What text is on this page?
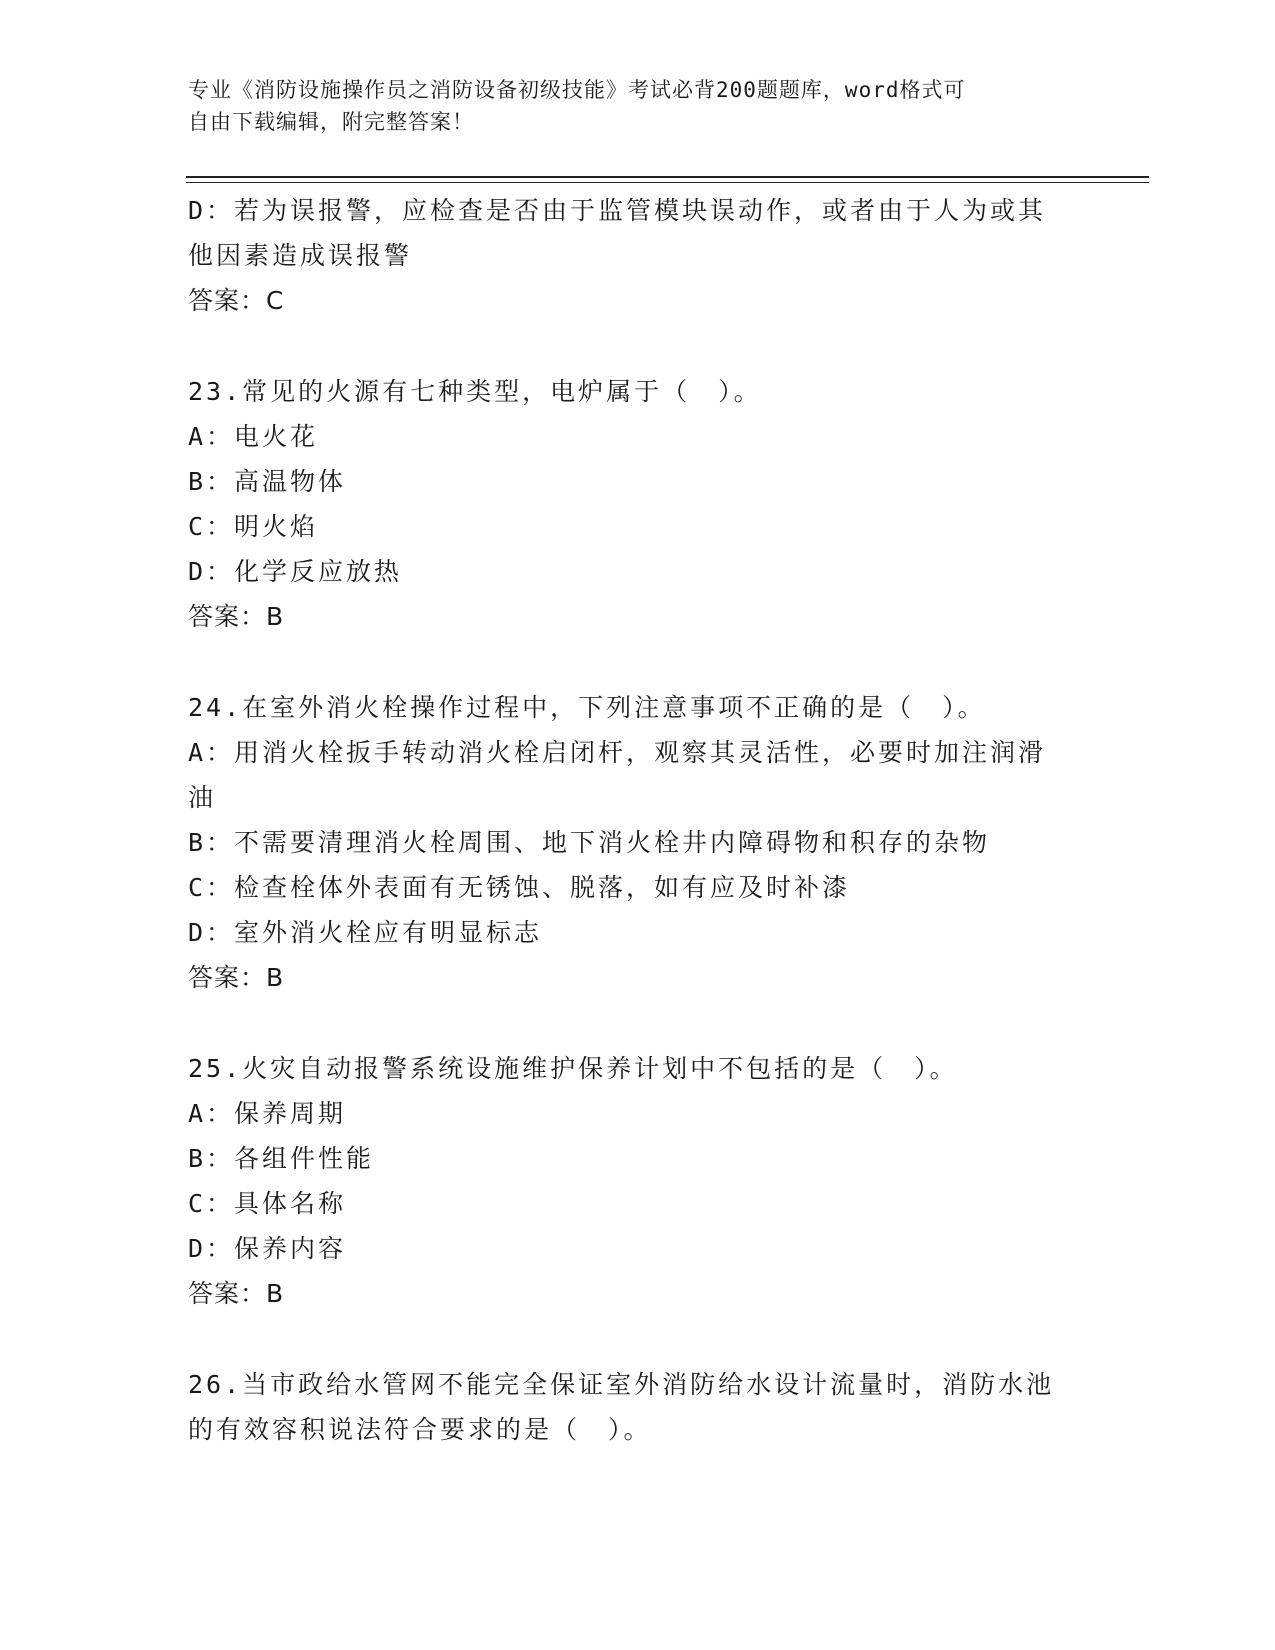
专业《消防设施操作员之消防设备初级技能》考试必背200题题库，word格式可
自由下载编辑，附完整答案！
D：若为误报警，应检查是否由于监管模块误动作，或者由于人为或其
他因素造成误报警
答案：C
23.常见的火源有七种类型，电炉属于（　）。
A：电火花
B：高温物体
C：明火焰
D：化学反应放热
答案：B
24.在室外消火栓操作过程中，下列注意事项不正确的是（　）。
A：用消火栓扳手转动消火栓启闭杆，观察其灵活性，必要时加注润滑
油
B：不需要清理消火栓周围、地下消火栓井内障碍物和积存的杂物
C：检查栓体外表面有无锈蚀、脱落，如有应及时补漆
D：室外消火栓应有明显标志
答案：B
25.火灾自动报警系统设施维护保养计划中不包括的是（　）。
A：保养周期
B：各组件性能
C：具体名称
D：保养内容
答案：B
26.当市政给水管网不能完全保证室外消防给水设计流量时，消防水池
的有效容积说法符合要求的是（　）。
